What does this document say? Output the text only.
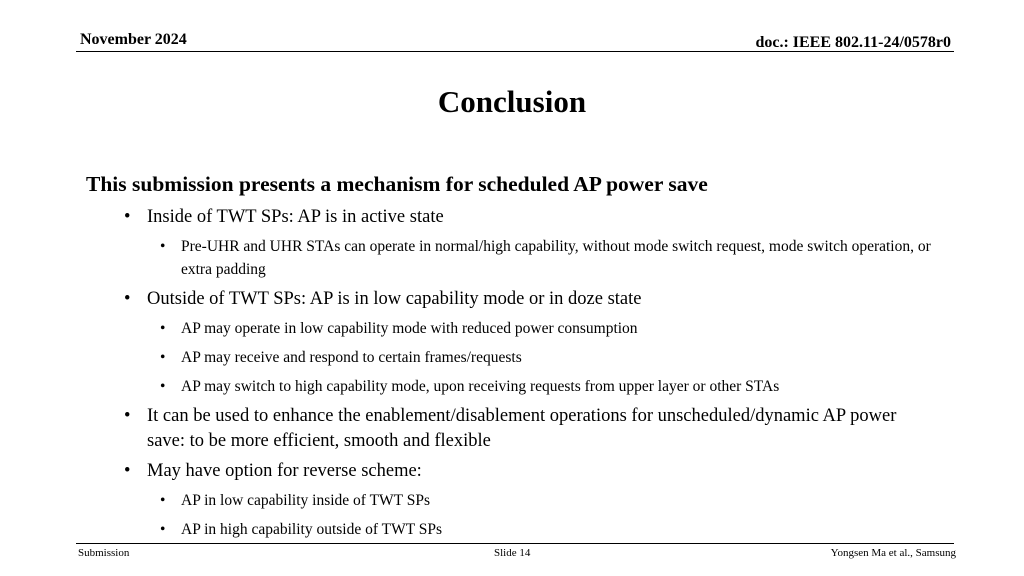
November 2024	doc.: IEEE 802.11-24/0578r0
Conclusion
This submission presents a mechanism for scheduled AP power save
• Inside of TWT SPs: AP is in active state
• Pre-UHR and UHR STAs can operate in normal/high capability, without mode switch request, mode switch operation, or extra padding
• Outside of TWT SPs: AP is in low capability mode or in doze state
• AP may operate in low capability mode with reduced power consumption
• AP may receive and respond to certain frames/requests
• AP may switch to high capability mode, upon receiving requests from upper layer or other STAs
• It can be used to enhance the enablement/disablement operations for unscheduled/dynamic AP power save: to be more efficient, smooth and flexible
• May have option for reverse scheme:
• AP in low capability inside of TWT SPs
• AP in high capability outside of TWT SPs
Submission	Slide 14	Yongsen Ma et al., Samsung
